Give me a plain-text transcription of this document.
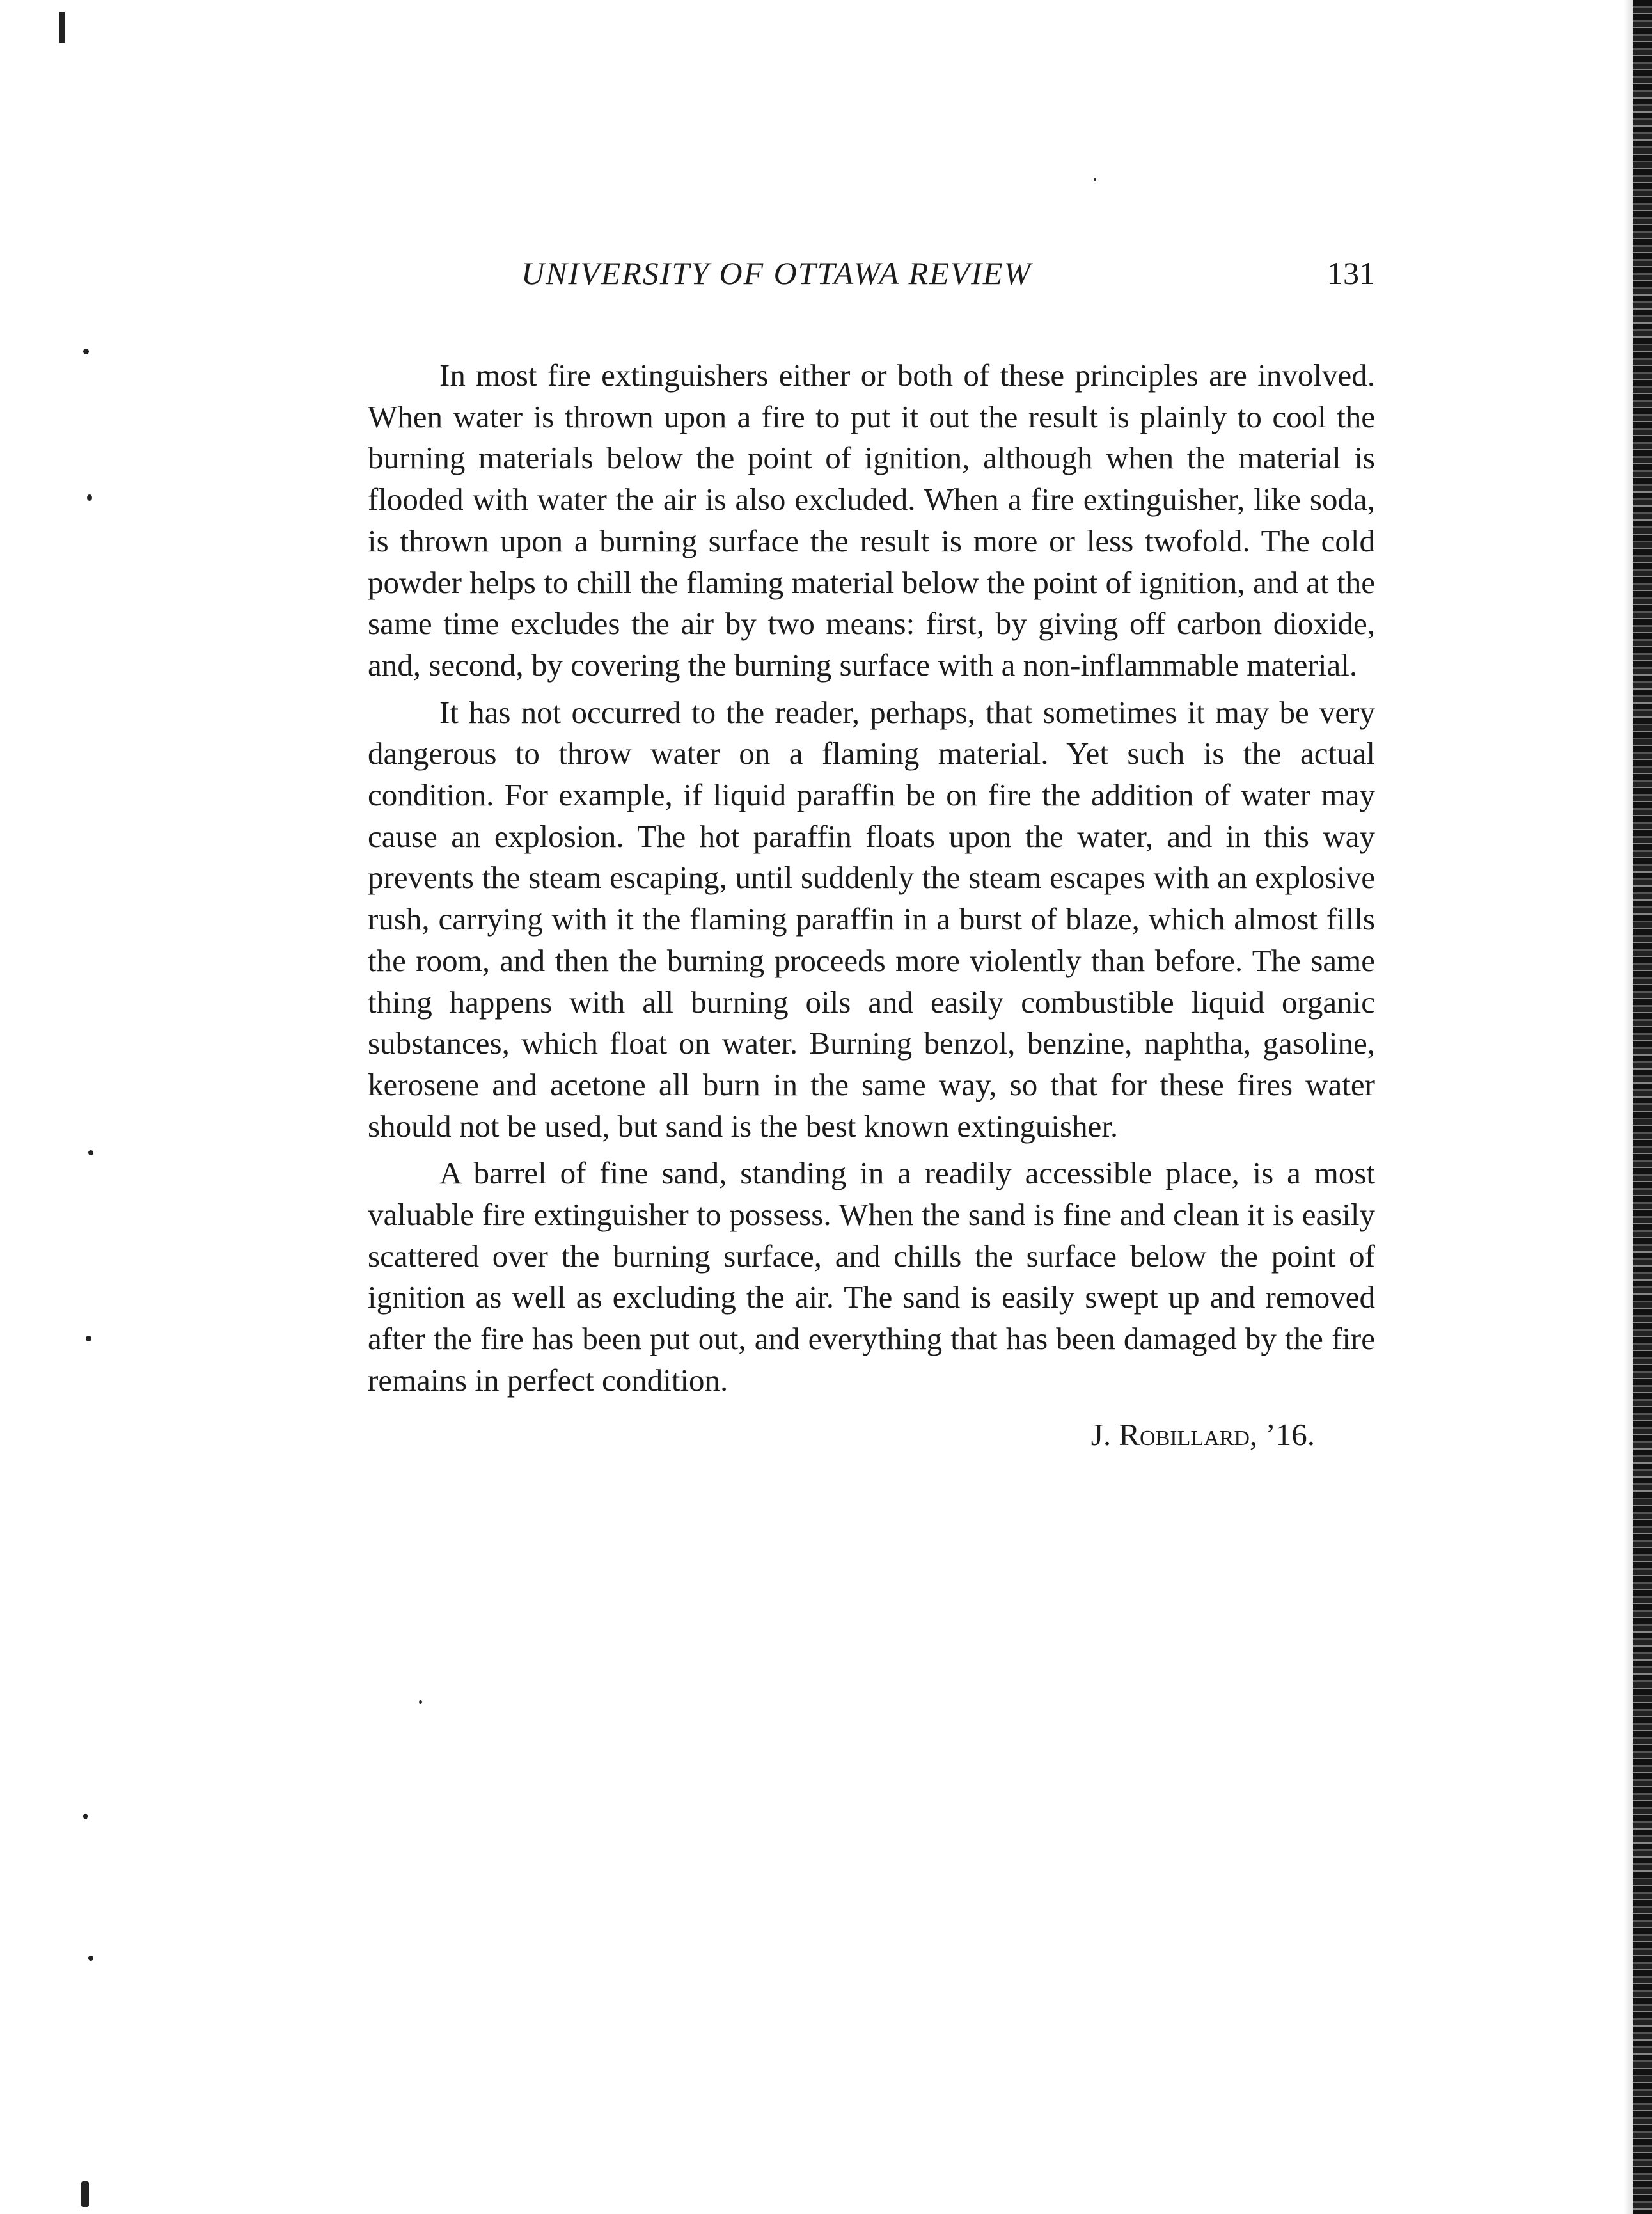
UNIVERSITY OF OTTAWA REVIEW	131

In most fire extinguishers either or both of these principles are involved. When water is thrown upon a fire to put it out the result is plainly to cool the burning materials below the point of ignition, although when the material is flooded with water the air is also excluded. When a fire extinguisher, like soda, is thrown upon a burning surface the result is more or less twofold. The cold powder helps to chill the flaming material below the point of ignition, and at the same time excludes the air by two means: first, by giving off carbon dioxide, and, second, by covering the burning surface with a non-inflammable material.

It has not occurred to the reader, perhaps, that sometimes it may be very dangerous to throw water on a flaming material. Yet such is the actual condition. For example, if liquid paraffin be on fire the addition of water may cause an explosion. The hot paraffin floats upon the water, and in this way prevents the steam escaping, until suddenly the steam escapes with an explosive rush, carrying with it the flaming paraffin in a burst of blaze, which almost fills the room, and then the burning proceeds more violently than before. The same thing happens with all burning oils and easily combustible liquid organic substances, which float on water. Burning benzol, benzine, naphtha, gasoline, kerosene and acetone all burn in the same way, so that for these fires water should not be used, but sand is the best known extinguisher.

A barrel of fine sand, standing in a readily accessible place, is a most valuable fire extinguisher to possess. When the sand is fine and clean it is easily scattered over the burning surface, and chills the surface below the point of ignition as well as excluding the air. The sand is easily swept up and removed after the fire has been put out, and everything that has been damaged by the fire remains in perfect condition.

J. Robillard, ’16.
